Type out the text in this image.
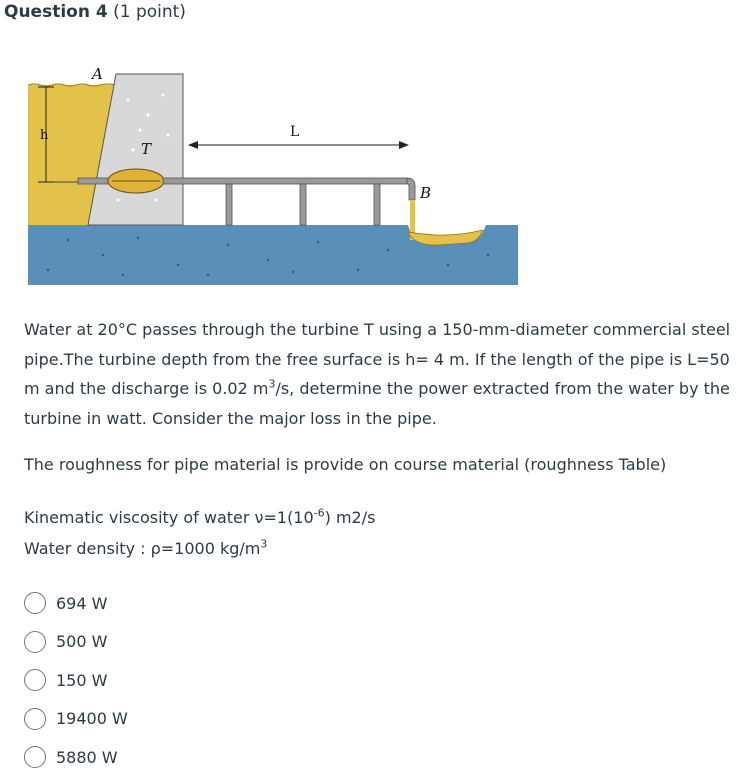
Question 4 (1 point)
h
A
T
L
B
Water at 20°C passes through the turbine T using a 150-mm-diameter commercial steel pipe.The turbine depth from the free surface is h= 4 m. If the length of the pipe is L=50 m and the discharge is 0.02 $m^3/s$, determine the power extracted from the water by the turbine in watt. Consider the major loss in the pipe.
The roughness for pipe material is provide on course material (roughness Table)
Kinematic viscosity of water $\nu=1(10^{-6})$ m2/s
Water density : ρ=1000 $kg/m^3$
694 W
500 W
150 W
19400 W
5880 W
